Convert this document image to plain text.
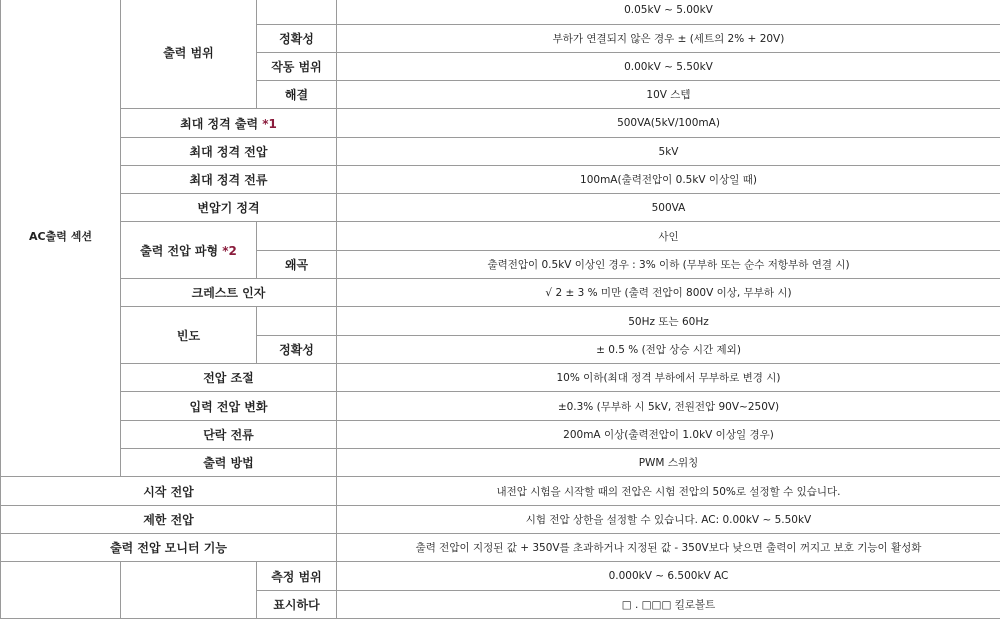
AC출력 섹션	출력 범위		0.05kV ~ 5.00kV
		정확성	부하가 연결되지 않은 경우 ± (세트의 2% + 20V)
		작동 범위	0.00kV ~ 5.50kV
		해결	10V 스텝
	최대 정격 출력 *1		500VA(5kV/100mA)
	최대 정격 전압		5kV
	최대 정격 전류		100mA(출력전압이 0.5kV 이상일 때)
	변압기 정격		500VA
	출력 전압 파형 *2		사인
		왜곡	출력전압이 0.5kV 이상인 경우 : 3% 이하 (무부하 또는 순수 저항부하 연결 시)
	크레스트 인자		√ 2 ± 3 % 미만 (출력 전압이 800V 이상, 무부하 시)
	빈도		50Hz 또는 60Hz
		정확성	± 0.5 % (전압 상승 시간 제외)
	전압 조절		10% 이하(최대 정격 부하에서 무부하로 변경 시)
	입력 전압 변화		±0.3% (무부하 시 5kV, 전원전압 90V~250V)
	단락 전류		200mA 이상(출력전압이 1.0kV 이상일 경우)
	출력 방법		PWM 스위칭
시작 전압			내전압 시험을 시작할 때의 전압은 시험 전압의 50%로 설정할 수 있습니다.
제한 전압			시험 전압 상한을 설정할 수 있습니다. AC: 0.00kV ~ 5.50kV
출력 전압 모니터 기능			출력 전압이 지정된 값 + 350V를 초과하거나 지정된 값 - 350V보다 낮으면 출력이 꺼지고 보호 기능이 활성화
		측정 범위	0.000kV ~ 6.500kV AC
		표시하다	□ . □□□ 킬로볼트
